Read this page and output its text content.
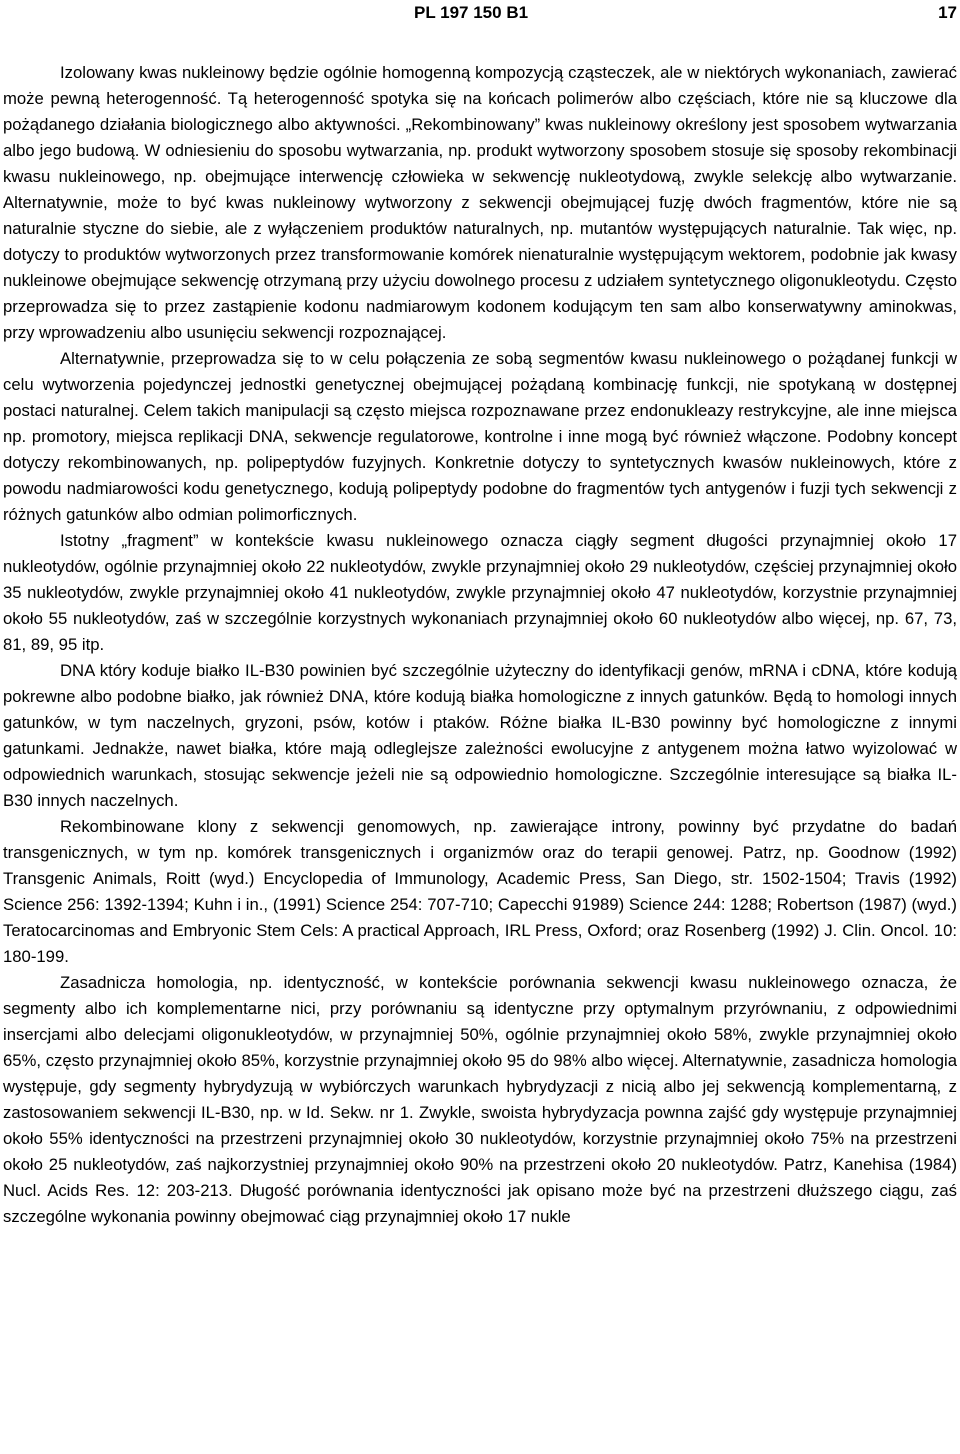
PL 197 150 B1	17

Izolowany kwas nukleinowy będzie ogólnie homogenną kompozycją cząsteczek, ale w niektórych wykonaniach, zawierać może pewną heterogenność. Tą heterogenność spotyka się na końcach polimerów albo częściach, które nie są kluczowe dla pożądanego działania biologicznego albo aktywności. „Rekombinowany” kwas nukleinowy określony jest sposobem wytwarzania albo jego budową. W odniesieniu do sposobu wytwarzania, np. produkt wytworzony sposobem stosuje się sposoby rekombinacji kwasu nukleinowego, np. obejmujące interwencję człowieka w sekwencję nukleotydową, zwykle selekcję albo wytwarzanie. Alternatywnie, może to być kwas nukleinowy wytworzony z sekwencji obejmującej fuzję dwóch fragmentów, które nie są naturalnie styczne do siebie, ale z wyłączeniem produktów naturalnych, np. mutantów występujących naturalnie. Tak więc, np. dotyczy to produktów wytworzonych przez transformowanie komórek nienaturalnie występującym wektorem, podobnie jak kwasy nukleinowe obejmujące sekwencję otrzymaną przy użyciu dowolnego procesu z udziałem syntetycznego oligonukleotydu. Często przeprowadza się to przez zastąpienie kodonu nadmiarowym kodonem kodującym ten sam albo konserwatywny aminokwas, przy wprowadzeniu albo usunięciu sekwencji rozpoznającej.

Alternatywnie, przeprowadza się to w celu połączenia ze sobą segmentów kwasu nukleinowego o pożądanej funkcji w celu wytworzenia pojedynczej jednostki genetycznej obejmującej pożądaną kombinację funkcji, nie spotykaną w dostępnej postaci naturalnej. Celem takich manipulacji są często miejsca rozpoznawane przez endonukleazy restrykcyjne, ale inne miejsca np. promotory, miejsca replikacji DNA, sekwencje regulatorowe, kontrolne i inne mogą być również włączone. Podobny koncept dotyczy rekombinowanych, np. polipeptydów fuzyjnych. Konkretnie dotyczy to syntetycznych kwasów nukleinowych, które z powodu nadmiarowości kodu genetycznego, kodują polipeptydy podobne do fragmentów tych antygenów i fuzji tych sekwencji z różnych gatunków albo odmian polimorficznych.

Istotny „fragment” w kontekście kwasu nukleinowego oznacza ciągły segment długości przynajmniej około 17 nukleotydów, ogólnie przynajmniej około 22 nukleotydów, zwykle przynajmniej około 29 nukleotydów, częściej przynajmniej około 35 nukleotydów, zwykle przynajmniej około 41 nukleotydów, zwykle przynajmniej około 47 nukleotydów, korzystnie przynajmniej około 55 nukleotydów, zaś w szczególnie korzystnych wykonaniach przynajmniej około 60 nukleotydów albo więcej, np. 67, 73, 81, 89, 95 itp.

DNA który koduje białko IL-B30 powinien być szczególnie użyteczny do identyfikacji genów, mRNA i cDNA, które kodują pokrewne albo podobne białko, jak również DNA, które kodują białka homologiczne z innych gatunków. Będą to homologi innych gatunków, w tym naczelnych, gryzoni, psów, kotów i ptaków. Różne białka IL-B30 powinny być homologiczne z innymi gatunkami. Jednakże, nawet białka, które mają odleglejsze zależności ewolucyjne z antygenem można łatwo wyizolować w odpowiednich warunkach, stosując sekwencje jeżeli nie są odpowiednio homologiczne. Szczególnie interesujące są białka IL-B30 innych naczelnych.

Rekombinowane klony z sekwencji genomowych, np. zawierające introny, powinny być przydatne do badań transgenicznych, w tym np. komórek transgenicznych i organizmów oraz do terapii genowej. Patrz, np. Goodnow (1992) Transgenic Animals, Roitt (wyd.) Encyclopedia of Immunology, Academic Press, San Diego, str. 1502-1504; Travis (1992) Science 256: 1392-1394; Kuhn i in., (1991) Science 254: 707-710; Capecchi 91989) Science 244: 1288; Robertson (1987) (wyd.) Teratocarcinomas and Embryonic Stem Cels: A practical Approach, IRL Press, Oxford; oraz Rosenberg (1992) J. Clin. Oncol. 10: 180-199.

Zasadnicza homologia, np. identyczność, w kontekście porównania sekwencji kwasu nukleinowego oznacza, że segmenty albo ich komplementarne nici, przy porównaniu są identyczne przy optymalnym przyrównaniu, z odpowiednimi insercjami albo delecjami oligonukleotydów, w przynajmniej 50%, ogólnie przynajmniej około 58%, zwykle przynajmniej około 65%, często przynajmniej około 85%, korzystnie przynajmniej około 95 do 98% albo więcej. Alternatywnie, zasadnicza homologia występuje, gdy segmenty hybrydyzują w wybiórczych warunkach hybrydyzacji z nicią albo jej sekwencją komplementarną, z zastosowaniem sekwencji IL-B30, np. w Id. Sekw. nr 1. Zwykle, swoista hybrydyzacja pownna zajść gdy występuje przynajmniej około 55% identyczności na przestrzeni przynajmniej około 30 nukleotydów, korzystnie przynajmniej około 75% na przestrzeni około 25 nukleotydów, zaś najkorzystniej przynajmniej około 90% na przestrzeni około 20 nukleotydów. Patrz, Kanehisa (1984) Nucl. Acids Res. 12: 203-213. Długość porównania identyczności jak opisano może być na przestrzeni dłuższego ciągu, zaś szczególne wykonania powinny obejmować ciąg przynajmniej około 17 nukle
